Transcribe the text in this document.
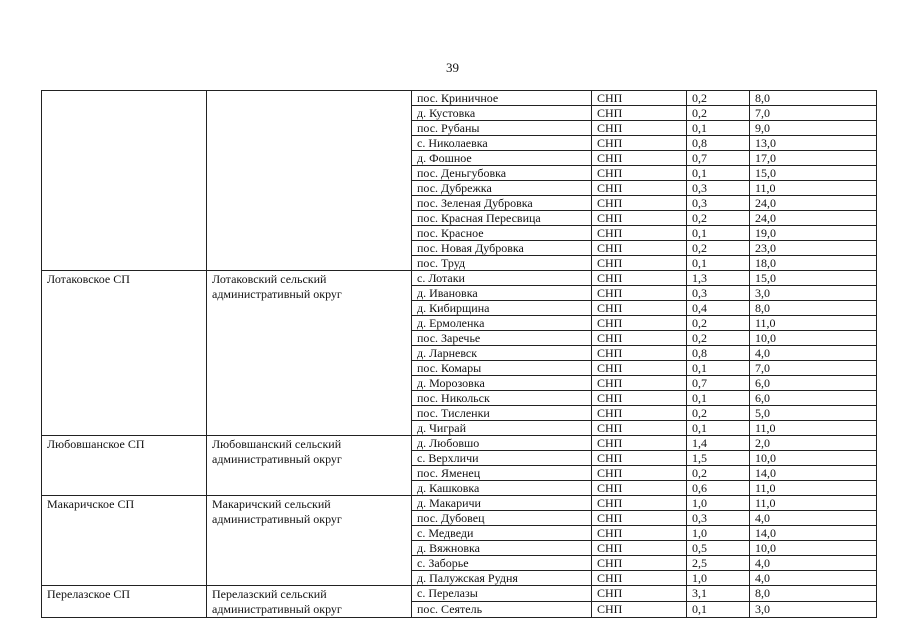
39
		пос. Криничное	СНП	0,2	8,0
		д. Кустовка	СНП	0,2	7,0
		пос. Рубаны	СНП	0,1	9,0
		с. Николаевка	СНП	0,8	13,0
		д. Фошное	СНП	0,7	17,0
		пос. Деньгубовка	СНП	0,1	15,0
		пос. Дубрежка	СНП	0,3	11,0
		пос. Зеленая Дубровка	СНП	0,3	24,0
		пос. Красная Пересвица	СНП	0,2	24,0
		пос. Красное	СНП	0,1	19,0
		пос. Новая Дубровка	СНП	0,2	23,0
		пос. Труд	СНП	0,1	18,0
Лотаковское СП	Лотаковский сельский административный округ	с. Лотаки	СНП	1,3	15,0
		д. Ивановка	СНП	0,3	3,0
		д. Кибирщина	СНП	0,4	8,0
		д. Ермоленка	СНП	0,2	11,0
		пос. Заречье	СНП	0,2	10,0
		д. Ларневск	СНП	0,8	4,0
		пос. Комары	СНП	0,1	7,0
		д. Морозовка	СНП	0,7	6,0
		пос. Никольск	СНП	0,1	6,0
		пос. Тисленки	СНП	0,2	5,0
		д. Чиграй	СНП	0,1	11,0
Любовшанское СП	Любовшанский сельский административный округ	д. Любовшо	СНП	1,4	2,0
		с. Верхличи	СНП	1,5	10,0
		пос. Яменец	СНП	0,2	14,0
		д. Кашковка	СНП	0,6	11,0
Макаричское СП	Макаричский сельский административный округ	д. Макаричи	СНП	1,0	11,0
		пос. Дубовец	СНП	0,3	4,0
		с. Медведи	СНП	1,0	14,0
		д. Вяжновка	СНП	0,5	10,0
		с. Заборье	СНП	2,5	4,0
		д. Палужская Рудня	СНП	1,0	4,0
Перелазское СП	Перелазский сельский административный округ	с. Перелазы	СНП	3,1	8,0
		пос. Сеятель	СНП	0,1	3,0
